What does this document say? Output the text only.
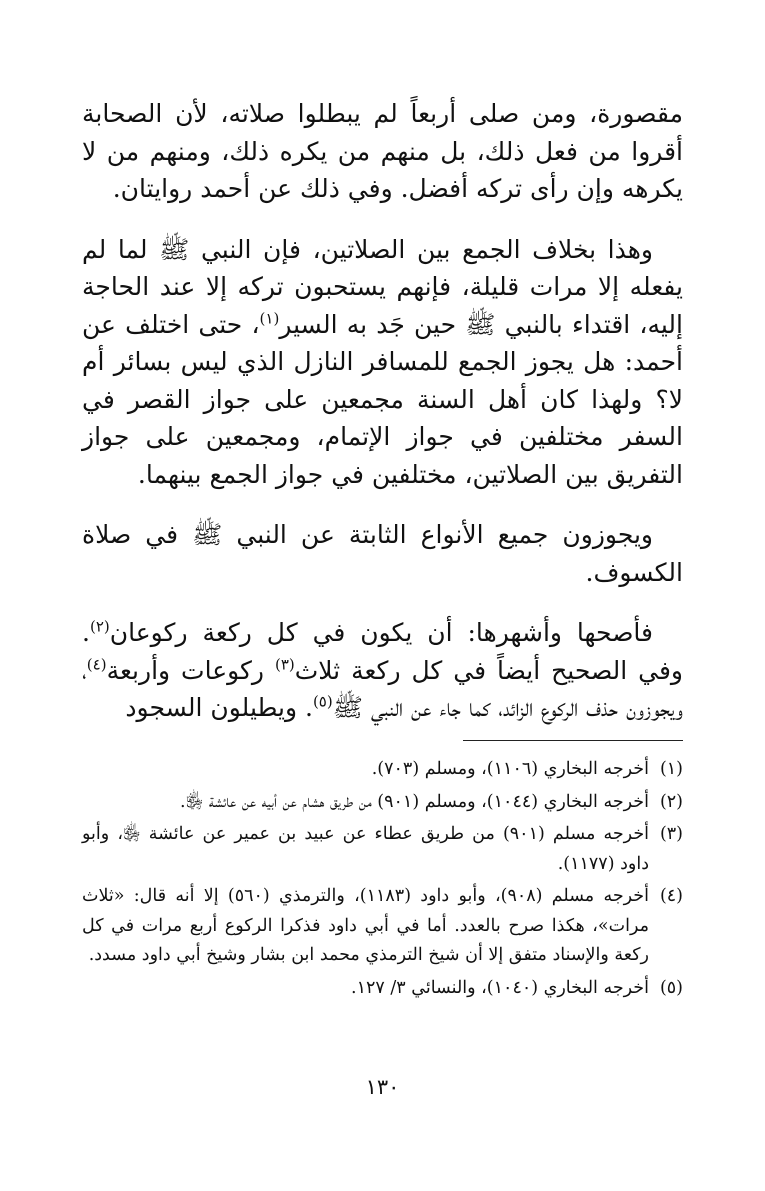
مقصورة، ومن صلى أربعاً لم يبطلوا صلاته، لأن الصحابة أقروا من فعل ذلك، بل منهم من يكره ذلك، ومنهم من لا يكرهه وإن رأى تركه أفضل. وفي ذلك عن أحمد روايتان.

وهذا بخلاف الجمع بين الصلاتين، فإن النبي ﷺ لما لم يفعله إلا مرات قليلة، فإنهم يستحبون تركه إلا عند الحاجة إليه، اقتداء بالنبي ﷺ حين جَد به السير$^{(١)}$، حتى اختلف عن أحمد: هل يجوز الجمع للمسافر النازل الذي ليس بسائر أم لا؟ ولهذا كان أهل السنة مجمعين على جواز القصر في السفر مختلفين في جواز الإتمام، ومجمعين على جواز التفريق بين الصلاتين، مختلفين في جواز الجمع بينهما.

ويجوزون جميع الأنواع الثابتة عن النبي ﷺ في صلاة الكسوف.

فأصحها وأشهرها: أن يكون في كل ركعة ركوعان$^{(٢)}$. وفي الصحيح أيضاً في كل ركعة ثلاث$^{(٣)}$ ركوعات وأربعة$^{(٤)}$، ويجوزون حذف الركوع الزائد، كما جاء عن النبي ﷺ$^{(٥)}$. ويطيلون السجود

(١)
أخرجه البخاري (١١٠٦)، ومسلم (٧٠٣).
(٢)
أخرجه البخاري (١٠٤٤)، ومسلم (٩٠١) من طريق هشام عن أبيه عن عائشة ﵂.
(٣)
أخرجه مسلم (٩٠١) من طريق عطاء عن عبيد بن عمير عن عائشة ﵂، وأبو داود (١١٧٧).
(٤)
أخرجه مسلم (٩٠٨)، وأبو داود (١١٨٣)، والترمذي (٥٦٠) إلا أنه قال: «ثلاث مرات»، هكذا صرح بالعدد. أما في أبي داود فذكرا الركوع أربع مرات في كل ركعة والإسناد متفق إلا أن شيخ الترمذي محمد ابن بشار وشيخ أبي داود مسدد.
(٥)
أخرجه البخاري (١٠٤٠)، والنسائي ٣/ ١٢٧.
١٣٠
